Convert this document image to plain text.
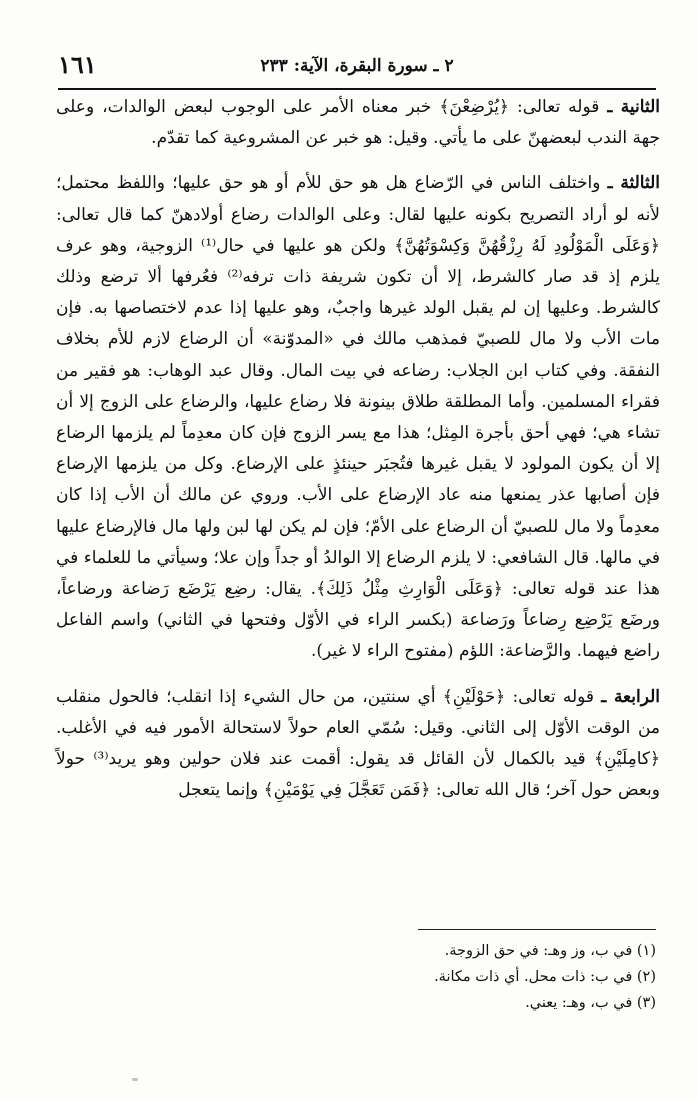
٢ ـ سورة البقرة، الآية: ٢٣٣
١٦١

الثانية ـ قوله تعالى: ﴿يُرْضِعْنَ﴾ خبر معناه الأمر على الوجوب لبعض الوالدات، وعلى جهة الندب لبعضهنّ على ما يأتي. وقيل: هو خبر عن المشروعية كما تقدّم.

الثالثة ـ واختلف الناس في الرّضاع هل هو حق للأم أو هو حق عليها؛ واللفظ محتمل؛ لأنه لو أراد التصريح بكونه عليها لقال: وعلى الوالدات رضاع أولادهنّ كما قال تعالى: ﴿وَعَلَى الْمَوْلُودِ لَهُ رِزْقُهُنَّ وَكِسْوَتُهُنَّ﴾ ولكن هو عليها في حال⁽¹⁾ الزوجية، وهو عرف يلزم إذ قد صار كالشرط، إلا أن تكون شريفة ذات ترفه⁽²⁾ فعُرفها ألا ترضع وذلك كالشرط. وعليها إن لم يقبل الولد غيرها واجبٌ، وهو عليها إذا عدم لاختصاصها به. فإن مات الأب ولا مال للصبيّ فمذهب مالك في «المدوّنة» أن الرضاع لازم للأم بخلاف النفقة. وفي كتاب ابن الجلاب: رضاعه في بيت المال. وقال عبد الوهاب: هو فقير من فقراء المسلمين. وأما المطلقة طلاق بينونة فلا رضاع عليها، والرضاع على الزوج إلا أن تشاء هي؛ فهي أحق بأجرة المِثل؛ هذا مع يسر الزوج فإن كان معدِماً لم يلزمها الرضاع إلا أن يكون المولود لا يقبل غيرها فتُجبَر حينئذٍ على الإرضاع. وكل من يلزمها الإرضاع فإن أصابها عذر يمنعها منه عاد الإرضاع على الأب. وروي عن مالك أن الأب إذا كان معدِماً ولا مال للصبيّ أن الرضاع على الأمّ؛ فإن لم يكن لها لبن ولها مال فالإرضاع عليها في مالها. قال الشافعي: لا يلزم الرضاع إلا الوالدُ أو جداً وإن علا؛ وسيأتي ما للعلماء في هذا عند قوله تعالى: ﴿وَعَلَى الْوَارِثِ مِثْلُ ذَلِكَ﴾. يقال: رضِع يَرْضَع رَضاعة ورضاعاً، ورضَع يَرْضِع رِضاعاً ورَضاعة (بكسر الراء في الأوّل وفتحها في الثاني) واسم الفاعل راضع فيهما. والرَّضاعة: اللؤم (مفتوح الراء لا غير).

الرابعة ـ قوله تعالى: ﴿حَوْلَيْنِ﴾ أي سنتين، من حال الشيء إذا انقلب؛ فالحول منقلب من الوقت الأوّل إلى الثاني. وقيل: سُمّي العام حولاً لاستحالة الأمور فيه في الأغلب. ﴿كامِلَيْنِ﴾ قيد بالكمال لأن القائل قد يقول: أقمت عند فلان حولين وهو يريد⁽³⁾ حولاً وبعض حول آخر؛ قال الله تعالى: ﴿فَمَن تَعَجَّلَ فِي يَوْمَيْنِ﴾ وإنما يتعجل

(١) في ب، وز وهـ: في حق الزوجة.

(٢) في ب: ذات محل. أي ذات مكانة.

(٣) في ب، وهـ: يعني.
